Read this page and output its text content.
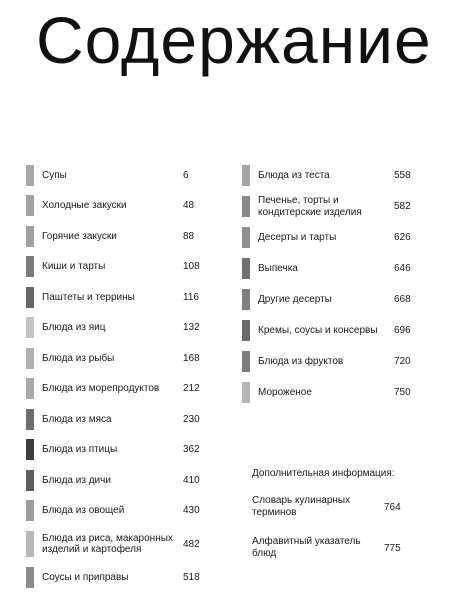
Содержание
Супы	6
Холодные закуски	48
Горячие закуски	88
Киши и тарты	108
Паштеты и террины	116
Блюда из яиц	132
Блюда из рыбы	168
Блюда из морепродуктов	212
Блюда из мяса	230
Блюда из птицы	362
Блюда из дичи	410
Блюда из овощей	430
Блюда из риса, макаронных изделий и картофеля	482
Соусы и приправы	518
Блюда из теста	558
Печенье, торты и кондитерские изделия	582
Десерты и тарты	626
Выпечка	646
Другие десерты	668
Кремы, соусы и консервы	696
Блюда из фруктов	720
Мороженое	750
Дополнительная информация:
Словарь кулинарных терминов	764
Алфавитный указатель блюд	775
